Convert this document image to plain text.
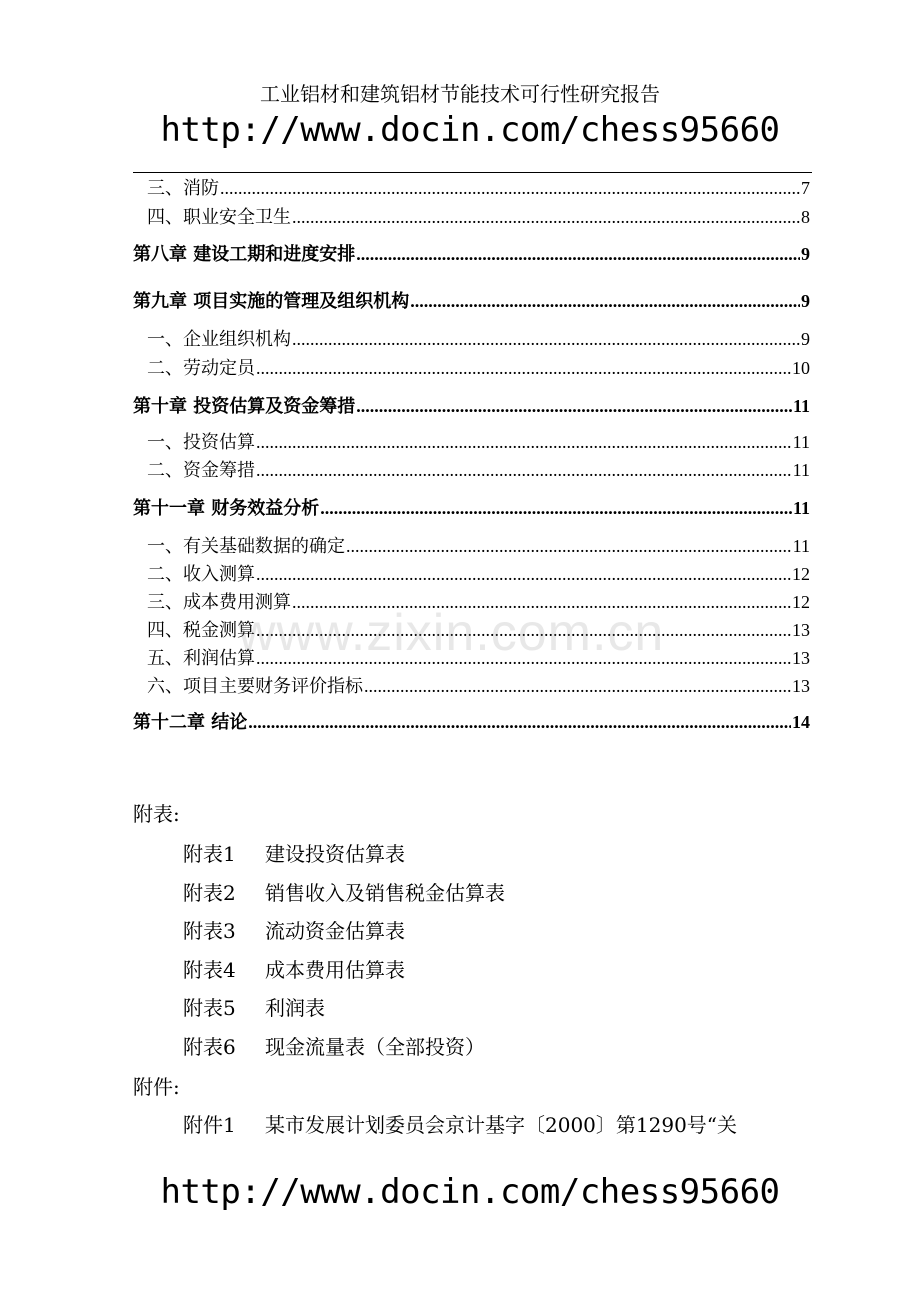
工业铝材和建筑铝材节能技术可行性研究报告
http://www.docin.com/chess95660
三、消防 .....	7
四、职业安全卫生 .....	8
第八章 建设工期和进度安排 .....	9
第九章 项目实施的管理及组织机构 .....	9
一、企业组织机构 .....	9
二、劳动定员 .....	10
第十章 投资估算及资金筹措 .....	11
一、投资估算 .....	11
二、资金筹措 .....	11
第十一章 财务效益分析 .....	11
一、有关基础数据的确定 .....	11
二、收入测算 .....	12
三、成本费用测算 .....	12
四、税金测算 .....	13
五、利润估算 .....	13
六、项目主要财务评价指标 .....	13
第十二章 结论 .....	14
www.zixin.com.cn
附表:
附表1 建设投资估算表
附表2 销售收入及销售税金估算表
附表3 流动资金估算表
附表4 成本费用估算表
附表5 利润表
附表6 现金流量表（全部投资）
附件:
附件1 某市发展计划委员会京计基字〔2000〕第1290号“关
http://www.docin.com/chess95660
